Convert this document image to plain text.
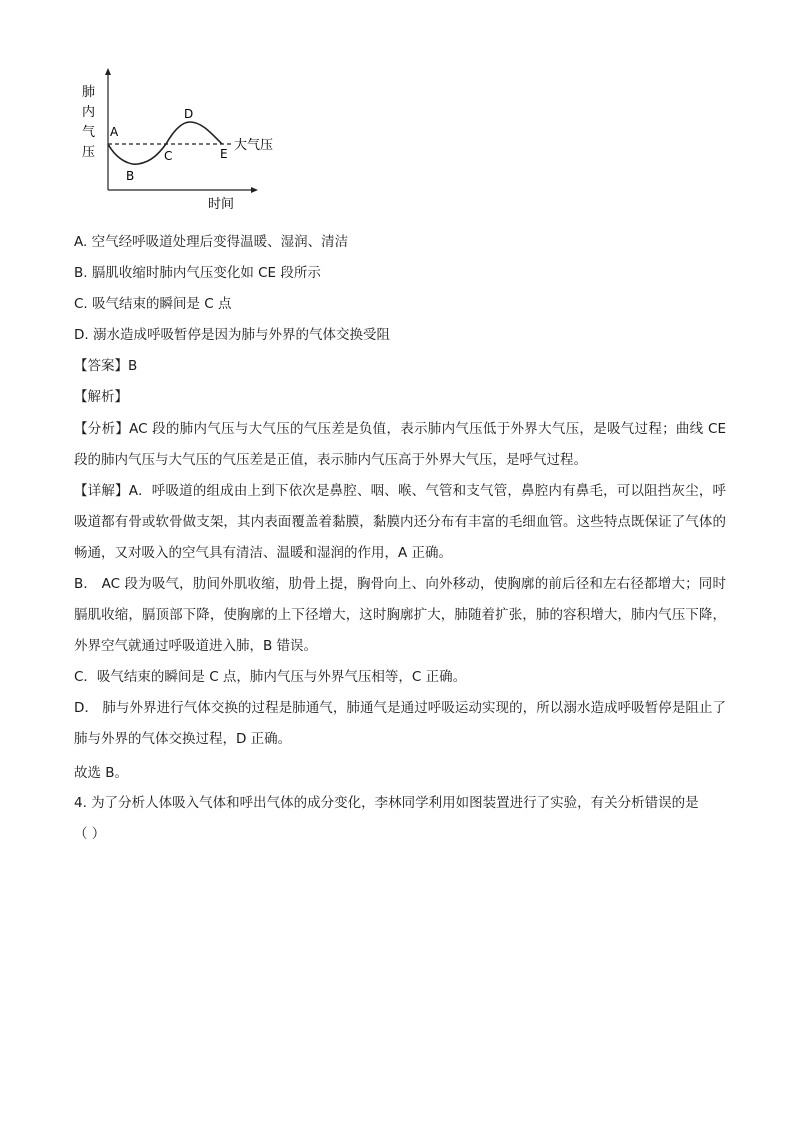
肺
内
气
压
A
B
C
D
E
大气压
时间
A. 空气经呼吸道处理后变得温暖、湿润、清洁
B. 膈肌收缩时肺内气压变化如 CE 段所示
C. 吸气结束的瞬间是 C 点
D. 溺水造成呼吸暂停是因为肺与外界的气体交换受阻
【答案】B
【解析】
【分析】AC 段的肺内气压与大气压的气压差是负值，表示肺内气压低于外界大气压，是吸气过程；曲线 CE 段的肺内气压与大气压的气压差是正值，表示肺内气压高于外界大气压，是呼气过程。
【详解】A．呼吸道的组成由上到下依次是鼻腔、咽、喉、气管和支气管，鼻腔内有鼻毛，可以阻挡灰尘，呼吸道都有骨或软骨做支架，其内表面覆盖着黏膜，黏膜内还分布有丰富的毛细血管。这些特点既保证了气体的畅通，又对吸入的空气具有清洁、温暖和湿润的作用，A 正确。
B． AC 段为吸气，肋间外肌收缩，肋骨上提，胸骨向上、向外移动，使胸廓的前后径和左右径都增大；同时膈肌收缩，膈顶部下降，使胸廓的上下径增大，这时胸廓扩大，肺随着扩张，肺的容积增大，肺内气压下降，外界空气就通过呼吸道进入肺，B 错误。
C．吸气结束的瞬间是 C 点，肺内气压与外界气压相等，C 正确。
D． 肺与外界进行气体交换的过程是肺通气，肺通气是通过呼吸运动实现的，所以溺水造成呼吸暂停是阻止了肺与外界的气体交换过程，D 正确。
故选 B。
4. 为了分析人体吸入气体和呼出气体的成分变化，李林同学利用如图装置进行了实验，有关分析错误的是
（ ）
